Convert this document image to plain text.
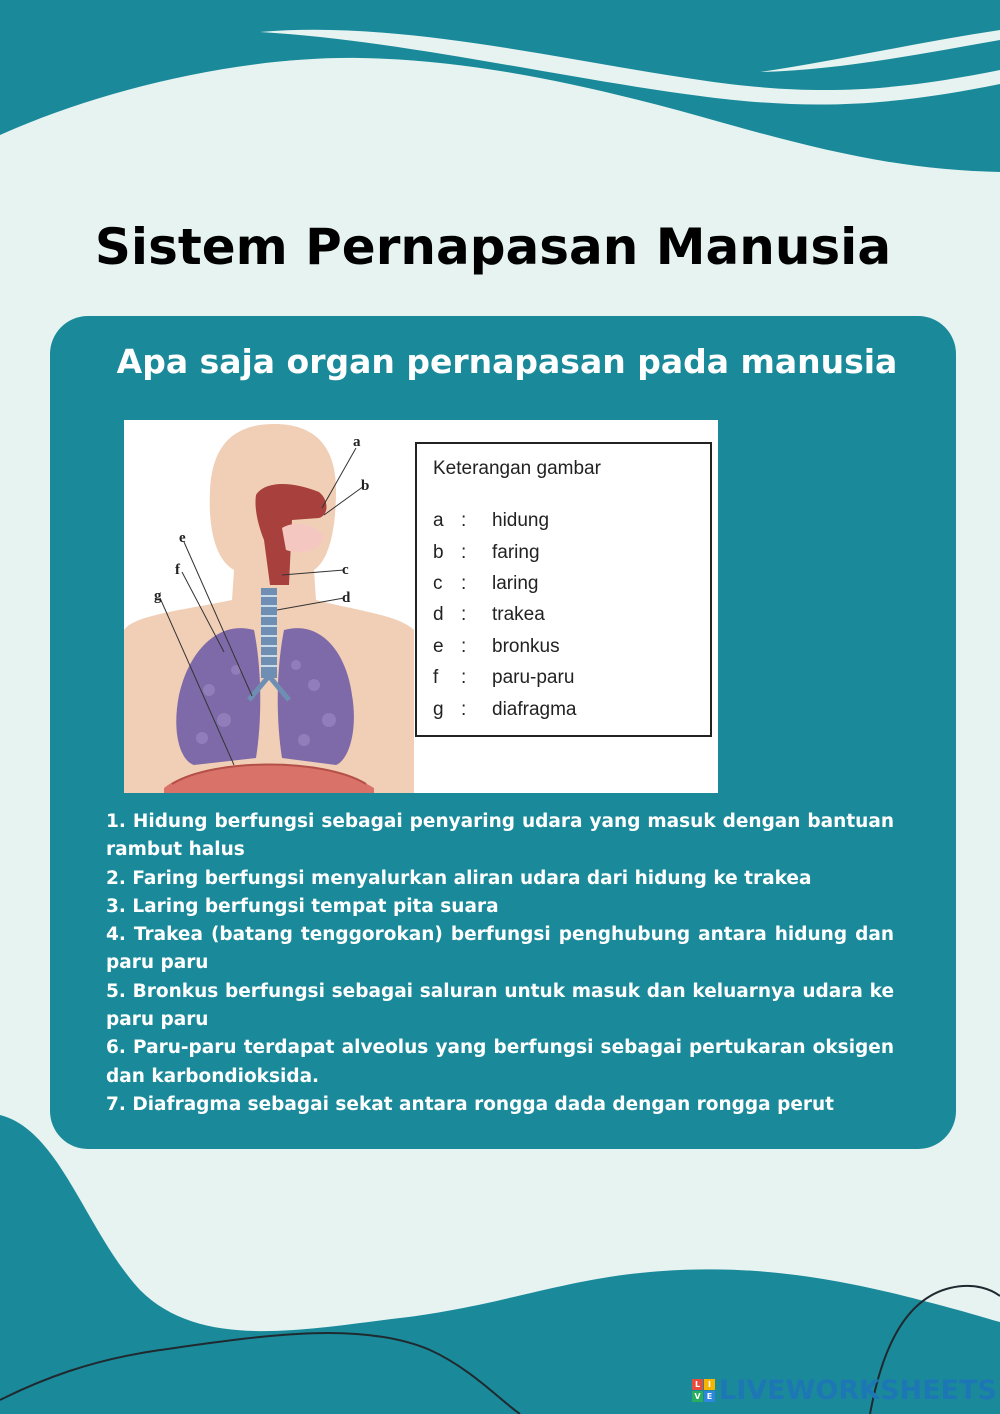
Sistem Pernapasan Manusia
Apa saja organ pernapasan pada manusia
a
b
c
d
e
f
g
Keterangan gambar
a : hidung
b : faring
c : laring
d : trakea
e : bronkus
f	: paru-paru
g : diafragma

1. Hidung berfungsi sebagai penyaring udara yang masuk dengan bantuan rambut halus

2. Faring berfungsi menyalurkan aliran udara dari hidung ke trakea

3. Laring berfungsi tempat pita suara

4. Trakea (batang tenggorokan) berfungsi penghubung antara hidung dan paru paru

5. Bronkus berfungsi sebagai saluran untuk masuk dan keluarnya udara ke paru paru

6. Paru-paru terdapat alveolus yang berfungsi sebagai pertukaran oksigen dan karbondioksida.

7. Diafragma sebagai sekat antara rongga dada dengan rongga perut

L I
V E LIVEWORKSHEETS
